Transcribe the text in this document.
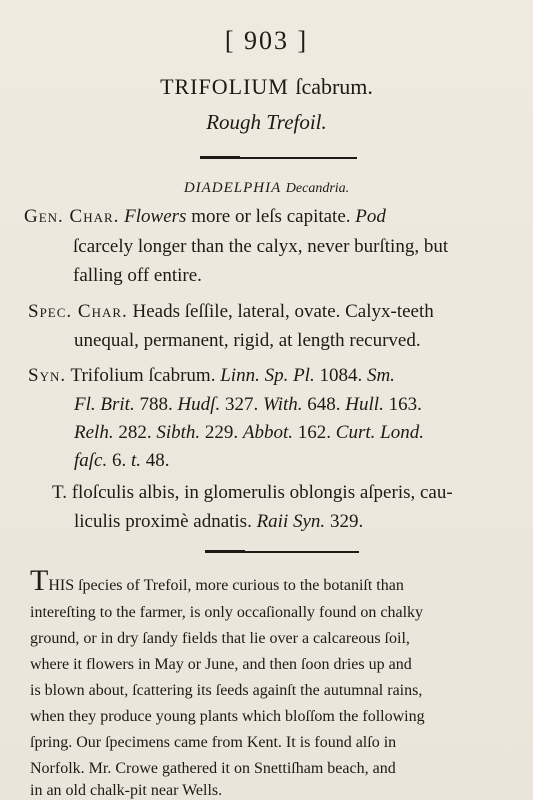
[ 903 ]
TRIFOLIUM ſcabrum.
Rough Trefoil.
DIADELPHIA Decandria.
Gen. Char. Flowers more or leſs capitate. Pod
ſcarcely longer than the calyx, never burſting, but
falling off entire.
Spec. Char. Heads ſeſſile, lateral, ovate. Calyx-teeth
unequal, permanent, rigid, at length recurved.
Syn. Trifolium ſcabrum. Linn. Sp. Pl. 1084. Sm.
Fl. Brit. 788. Hudſ. 327. With. 648. Hull. 163.
Relh. 282. Sibth. 229. Abbot. 162. Curt. Lond.
faſc. 6. t. 48.
T. floſculis albis, in glomerulis oblongis aſperis, cau-
liculis proximè adnatis. Raii Syn. 329.
THIS ſpecies of Trefoil, more curious to the botaniſt than
intereſting to the farmer, is only occaſionally found on chalky
ground, or in dry ſandy fields that lie over a calcareous ſoil,
where it flowers in May or June, and then ſoon dries up and
is blown about, ſcattering its ſeeds againſt the autumnal rains,
when they produce young plants which bloſſom the following
ſpring. Our ſpecimens came from Kent. It is found alſo in
Norfolk. Mr. Crowe gathered it on Snettiſham beach, and
in an old chalk-pit near Wells.
